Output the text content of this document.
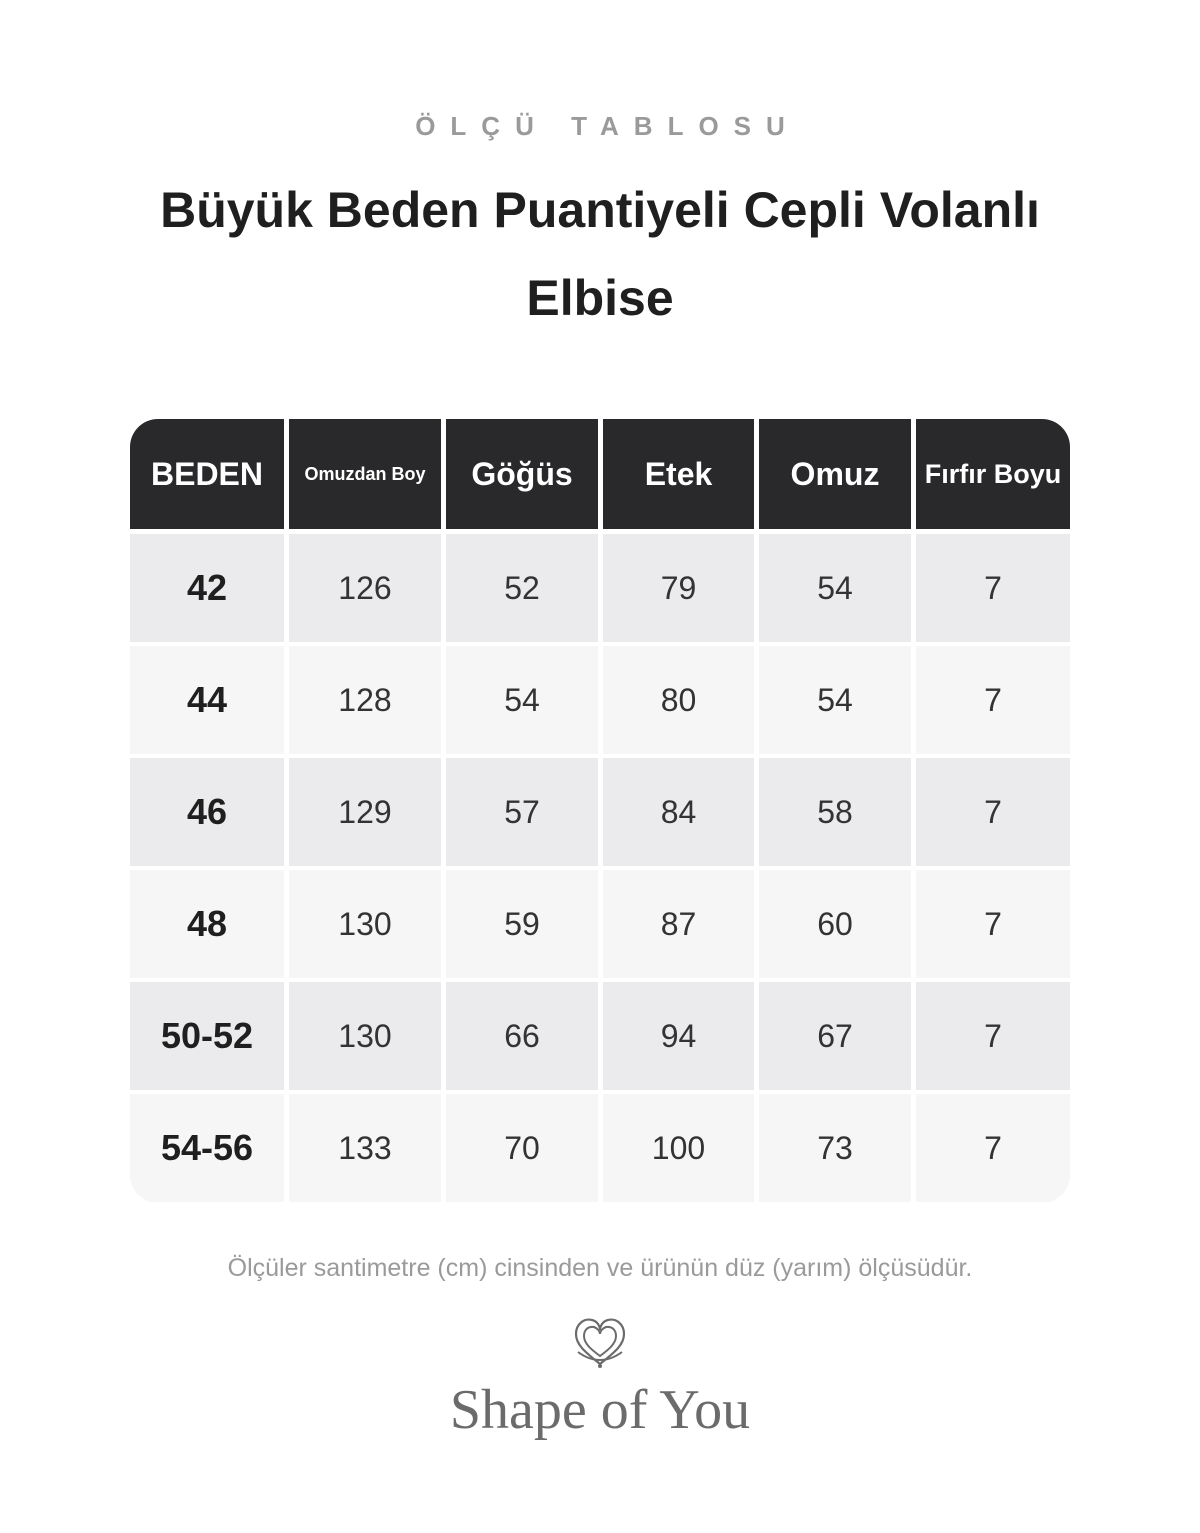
ÖLÇÜ TABLOSU
Büyük Beden Puantiyeli Cepli Volanlı Elbise
BEDEN	Omuzdan Boy	Göğüs	Etek	Omuz	Fırfır Boyu
42	126	52	79	54	7
44	128	54	80	54	7
46	129	57	84	58	7
48	130	59	87	60	7
50-52	130	66	94	67	7
54-56	133	70	100	73	7
Ölçüler santimetre (cm) cinsinden ve ürünün düz (yarım) ölçüsüdür.
Shape of You
